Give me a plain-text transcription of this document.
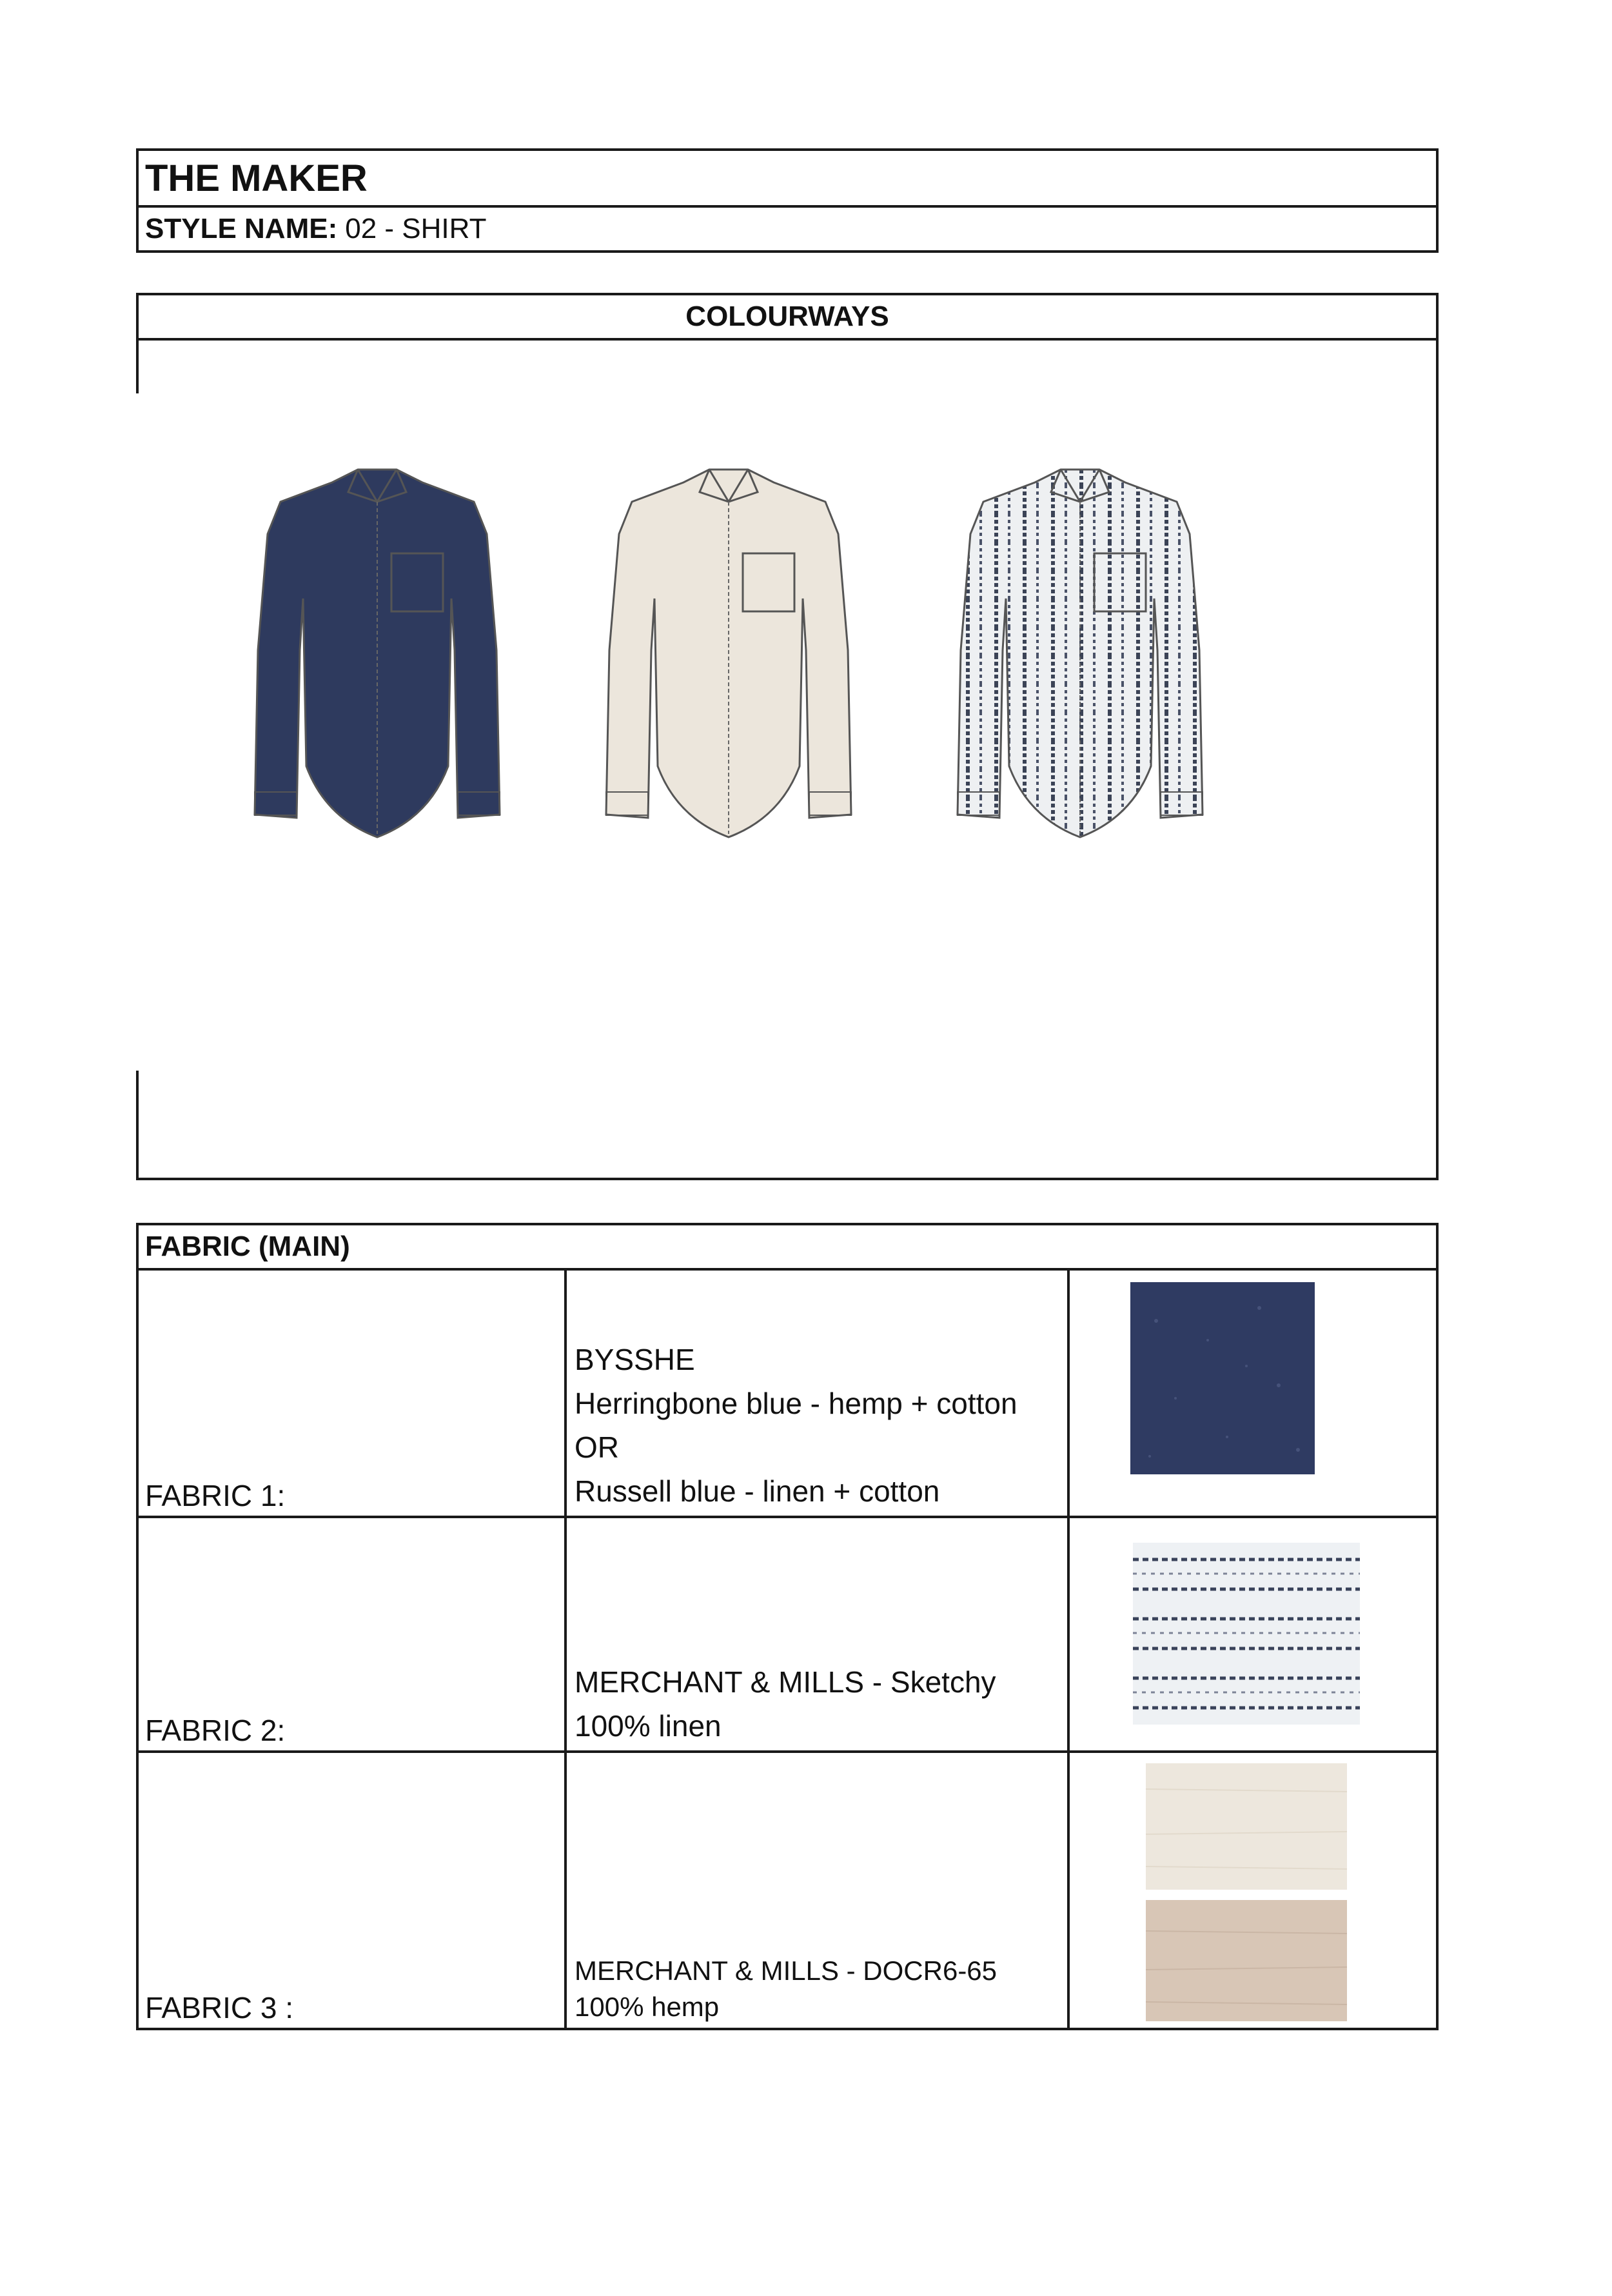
THE MAKER
STYLE NAME: 02 - SHIRT
COLOURWAYS
FABRIC (MAIN)
FABRIC 1:
BYSSHE
Herringbone blue - hemp + cotton
OR
Russell blue - linen + cotton
FABRIC 2:
MERCHANT & MILLS - Sketchy
100% linen
FABRIC 3 :
MERCHANT & MILLS - DOCR6-65
100% hemp
